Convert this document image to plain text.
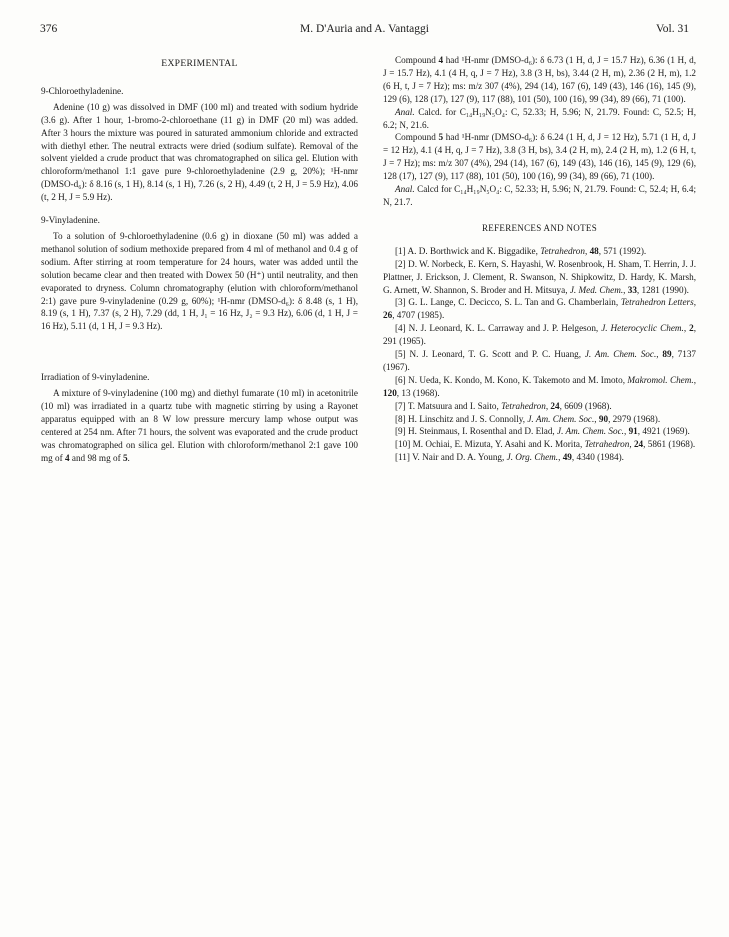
376	M. D'Auria and A. Vantaggi	Vol. 31
EXPERIMENTAL

9-Chloroethyladenine.

Adenine (10 g) was dissolved in DMF (100 ml) and treated with sodium hydride (3.6 g). After 1 hour, 1-bromo-2-chloroethane (11 g) in DMF (20 ml) was added. After 3 hours the mixture was poured in saturated ammonium chloride and extracted with diethyl ether. The neutral extracts were dried (sodium sulfate). Removal of the solvent yielded a crude product that was chromatographed on silica gel. Elution with chloroform/methanol 1:1 gave pure 9-chloroethyladenine (2.9 g, 20%); ¹H-nmr (DMSO-d₆): δ 8.16 (s, 1 H), 8.14 (s, 1 H), 7.26 (s, 2 H), 4.49 (t, 2 H, J = 5.9 Hz), 4.06 (t, 2 H, J = 5.9 Hz).

9-Vinyladenine.

To a solution of 9-chloroethyladenine (0.6 g) in dioxane (50 ml) was added a methanol solution of sodium methoxide prepared from 4 ml of methanol and 0.4 g of sodium. After stirring at room temperature for 24 hours, water was added until the solution became clear and then treated with Dowex 50 (H⁺) until neutrality, and then evaporated to dryness. Column chromatography (elution with chloroform/methanol 2:1) gave pure 9-vinyladenine (0.29 g, 60%); ¹H-nmr (DMSO-d₆): δ 8.48 (s, 1 H), 8.19 (s, 1 H), 7.37 (s, 2 H), 7.29 (dd, 1 H, J₁ = 16 Hz, J₂ = 9.3 Hz), 6.06 (d, 1 H, J = 16 Hz), 5.11 (d, 1 H, J = 9.3 Hz).

Irradiation of 9-vinyladenine.

A mixture of 9-vinyladenine (100 mg) and diethyl fumarate (10 ml) in acetonitrile (10 ml) was irradiated in a quartz tube with magnetic stirring by using a Rayonet apparatus equipped with an 8 W low pressure mercury lamp whose output was centered at 254 nm. After 71 hours, the solvent was evaporated and the crude product was chromatographed on silica gel. Elution with chloroform/methanol 2:1 gave 100 mg of 4 and 98 mg of 5.

Compound 4 had ¹H-nmr (DMSO-d₆): δ 6.73 (1 H, d, J = 15.7 Hz), 6.36 (1 H, d, J = 15.7 Hz), 4.1 (4 H, q, J = 7 Hz), 3.8 (3 H, bs), 3.44 (2 H, m), 2.36 (2 H, m), 1.2 (6 H, t, J = 7 Hz); ms: m/z 307 (4%), 294 (14), 167 (6), 149 (43), 146 (16), 145 (9), 129 (6), 128 (17), 127 (9), 117 (88), 101 (50), 100 (16), 99 (34), 89 (66), 71 (100).

Anal. Calcd. for C₁₄H₁₉N₅O₄: C, 52.33; H, 5.96; N, 21.79. Found: C, 52.5; H, 6.2; N, 21.6.

Compound 5 had ¹H-nmr (DMSO-d₆): δ 6.24 (1 H, d, J = 12 Hz), 5.71 (1 H, d, J = 12 Hz), 4.1 (4 H, q, J = 7 Hz), 3.8 (3 H, bs), 3.4 (2 H, m), 2.4 (2 H, m), 1.2 (6 H, t, J = 7 Hz); ms: m/z 307 (4%), 294 (14), 167 (6), 149 (43), 146 (16), 145 (9), 129 (6), 128 (17), 127 (9), 117 (88), 101 (50), 100 (16), 99 (34), 89 (66), 71 (100).

Anal. Calcd for C₁₄H₁₉N₅O₄: C, 52.33; H, 5.96; N, 21.79. Found: C, 52.4; H, 6.4; N, 21.7.

REFERENCES AND NOTES

[1] A. D. Borthwick and K. Biggadike, Tetrahedron, 48, 571 (1992).

[2] D. W. Norbeck, E. Kern, S. Hayashi, W. Rosenbrook, H. Sham, T. Herrin, J. J. Plattner, J. Erickson, J. Clement, R. Swanson, N. Shipkowitz, D. Hardy, K. Marsh, G. Arnett, W. Shannon, S. Broder and H. Mitsuya, J. Med. Chem., 33, 1281 (1990).

[3] G. L. Lange, C. Decicco, S. L. Tan and G. Chamberlain, Tetrahedron Letters, 26, 4707 (1985).

[4] N. J. Leonard, K. L. Carraway and J. P. Helgeson, J. Heterocyclic Chem., 2, 291 (1965).

[5] N. J. Leonard, T. G. Scott and P. C. Huang, J. Am. Chem. Soc., 89, 7137 (1967).

[6] N. Ueda, K. Kondo, M. Kono, K. Takemoto and M. Imoto, Makromol. Chem., 120, 13 (1968).

[7] T. Matsuura and I. Saito, Tetrahedron, 24, 6609 (1968).

[8] H. Linschitz and J. S. Connolly, J. Am. Chem. Soc., 90, 2979 (1968).

[9] H. Steinmaus, I. Rosenthal and D. Elad, J. Am. Chem. Soc., 91, 4921 (1969).

[10] M. Ochiai, E. Mizuta, Y. Asahi and K. Morita, Tetrahedron, 24, 5861 (1968).

[11] V. Nair and D. A. Young, J. Org. Chem., 49, 4340 (1984).
